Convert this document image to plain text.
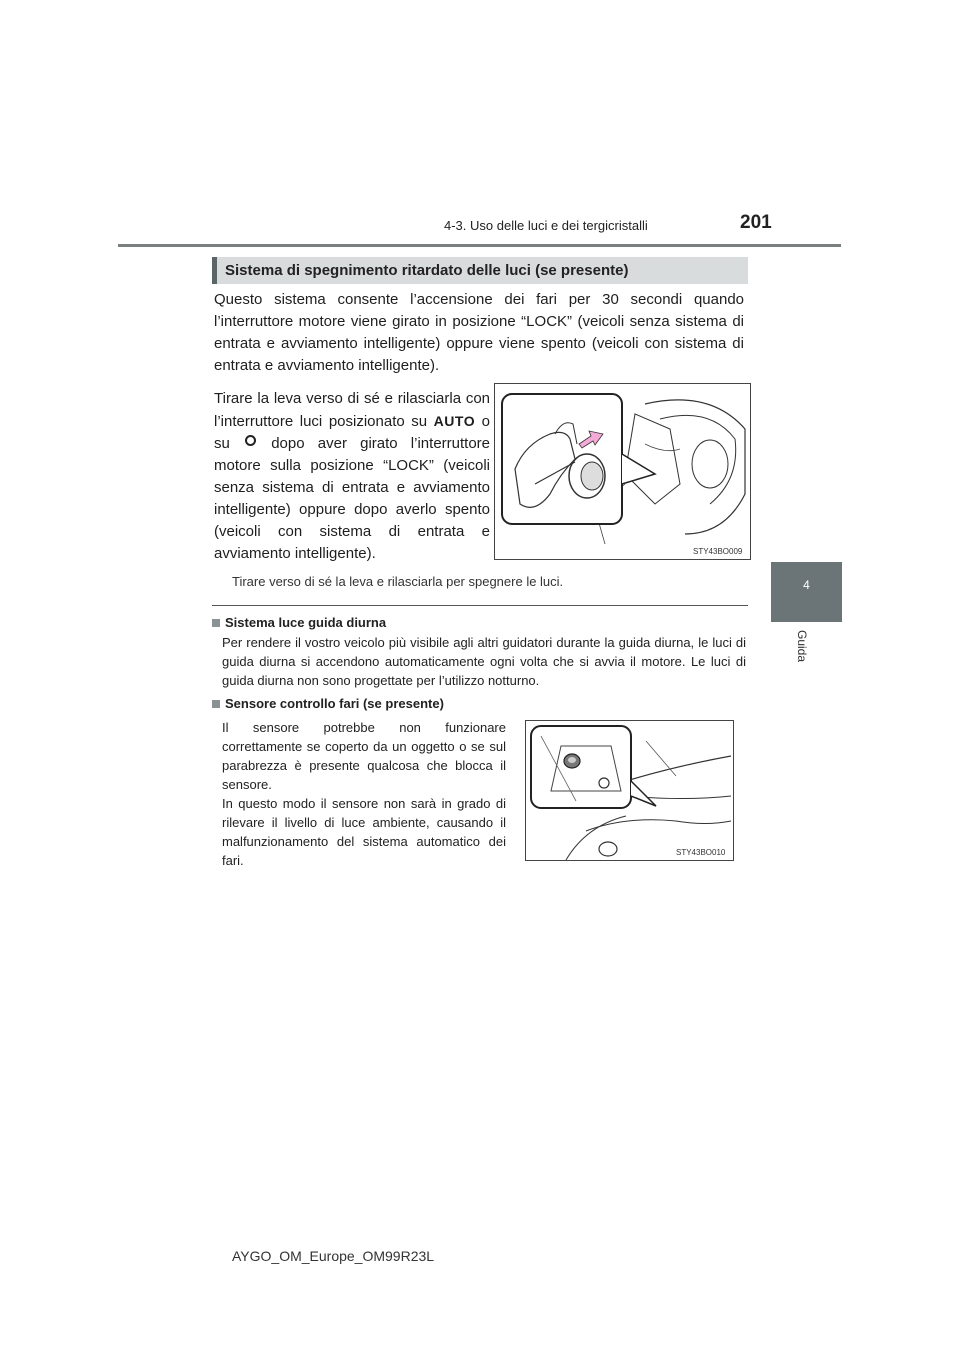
4-3. Uso delle luci e dei tergicristalli	201
4
Guida
Sistema di spegnimento ritardato delle luci (se presente)
Questo sistema consente l’accensione dei fari per 30 secondi quando l’interruttore motore viene girato in posizione “LOCK” (veicoli senza sistema di entrata e avviamento intelligente) oppure viene spento (veicoli con sistema di entrata e avviamento intelligente).
Tirare la leva verso di sé e rilasciarla con l’interruttore luci posizionato su AUTO o su	dopo aver girato l’interruttore motore sulla posizione “LOCK” (veicoli senza sistema di entrata e avviamento intelligente) oppure dopo averlo spento (veicoli con sistema di entrata e avviamento intelligente).	STY43BO009
Tirare verso di sé la leva e rilasciarla per spegnere le luci.
Sistema luce guida diurna
Per rendere il vostro veicolo più visibile agli altri guidatori durante la guida diurna, le luci di guida diurna si accendono automaticamente ogni volta che si avvia il motore. Le luci di guida diurna non sono progettate per l’utilizzo notturno.
Sensore controllo fari (se presente)
Il sensore potrebbe non funzionare correttamente se coperto da un oggetto o se sul parabrezza è presente qualcosa che blocca il sensore.
In questo modo il sensore non sarà in grado di rilevare il livello di luce ambiente, causando il malfunzionamento del sistema automatico dei fari.
STY43BO010
AYGO_OM_Europe_OM99R23L
